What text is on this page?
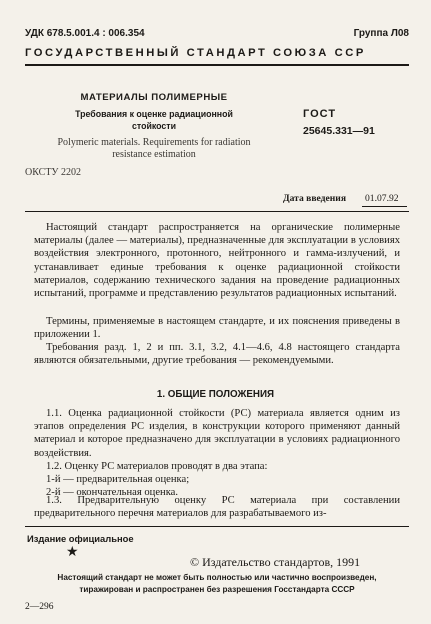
УДК 678.5.001.4 : 006.354	Группа Л08
ГОСУДАРСТВЕННЫЙ СТАНДАРТ СОЮЗА ССР
МАТЕРИАЛЫ ПОЛИМЕРНЫЕ
Требования к оценке радиационной
стойкости
Polymeric materials. Requirements for radiation
resistance estimation
ГОСТ
25645.331—91
ОКСТУ 2202
Дата введения 01.07.92
Настоящий стандарт распространяется на органические полимерные материалы (далее — материалы), предназначенные для эксплуатации в условиях воздействия электронного, протонного, нейтронного и гамма-излучений, и устанавливает единые требования к оценке радиационной стойкости материалов, содержанию технического задания на проведение радиационных испытаний, программе и представлению результатов радиационных испытаний.
Термины, применяемые в настоящем стандарте, и их пояснения приведены в приложении 1.
Требования разд. 1, 2 и пп. 3.1, 3.2, 4.1—4.6, 4.8 настоящего стандарта являются обязательными, другие требования — рекомендуемыми.
1. ОБЩИЕ ПОЛОЖЕНИЯ
1.1. Оценка радиационной стойкости (РС) материала является одним из этапов определения РС изделия, в конструкции которого применяют данный материал и которое предназначено для эксплуатации в условиях радиационного воздействия.
1.2. Оценку РС материалов проводят в два этапа:
1-й — предварительная оценка;
2-й — окончательная оценка.
1.3. Предварительную оценку РС материала при составлении предварительного перечня материалов для разрабатываемого из-
Издание официальное
★
© Издательство стандартов, 1991
Настоящий стандарт не может быть полностью или частично воспроизведен,
тиражирован и распространен без разрешения Госстандарта СССР
2—296
